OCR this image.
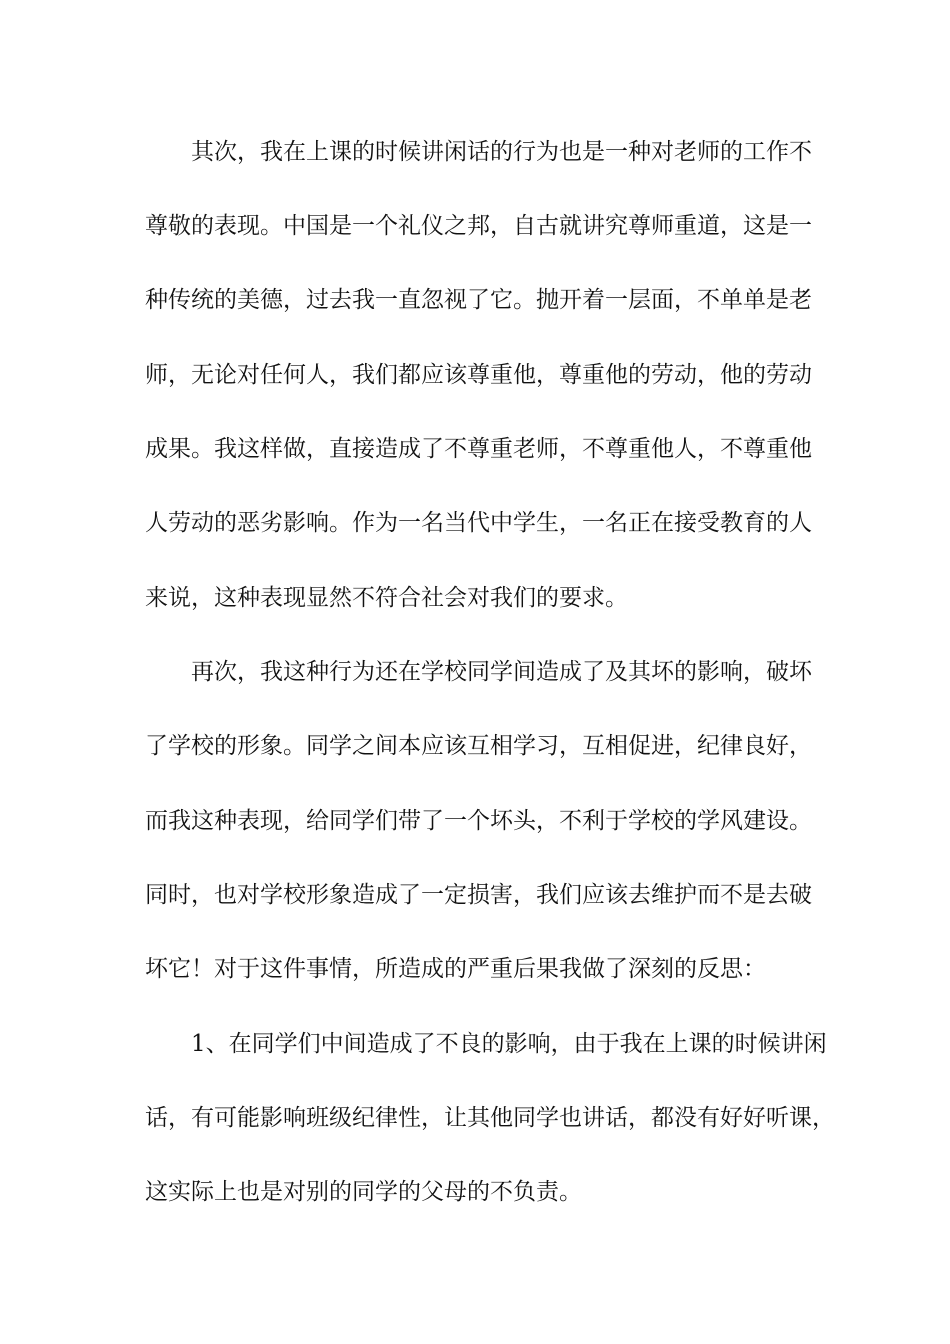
其次，我在上课的时候讲闲话的行为也是一种对老师的工作不
尊敬的表现。中国是一个礼仪之邦，自古就讲究尊师重道，这是一
种传统的美德，过去我一直忽视了它。抛开着一层面，不单单是老
师，无论对任何人，我们都应该尊重他，尊重他的劳动，他的劳动
成果。我这样做，直接造成了不尊重老师，不尊重他人，不尊重他
人劳动的恶劣影响。作为一名当代中学生，一名正在接受教育的人
来说，这种表现显然不符合社会对我们的要求。
再次，我这种行为还在学校同学间造成了及其坏的影响，破坏
了学校的形象。同学之间本应该互相学习，互相促进，纪律良好，
而我这种表现，给同学们带了一个坏头，不利于学校的学风建设。
同时，也对学校形象造成了一定损害，我们应该去维护而不是去破
坏它！对于这件事情，所造成的严重后果我做了深刻的反思：
1、在同学们中间造成了不良的影响，由于我在上课的时候讲闲
话，有可能影响班级纪律性，让其他同学也讲话，都没有好好听课，
这实际上也是对别的同学的父母的不负责。
